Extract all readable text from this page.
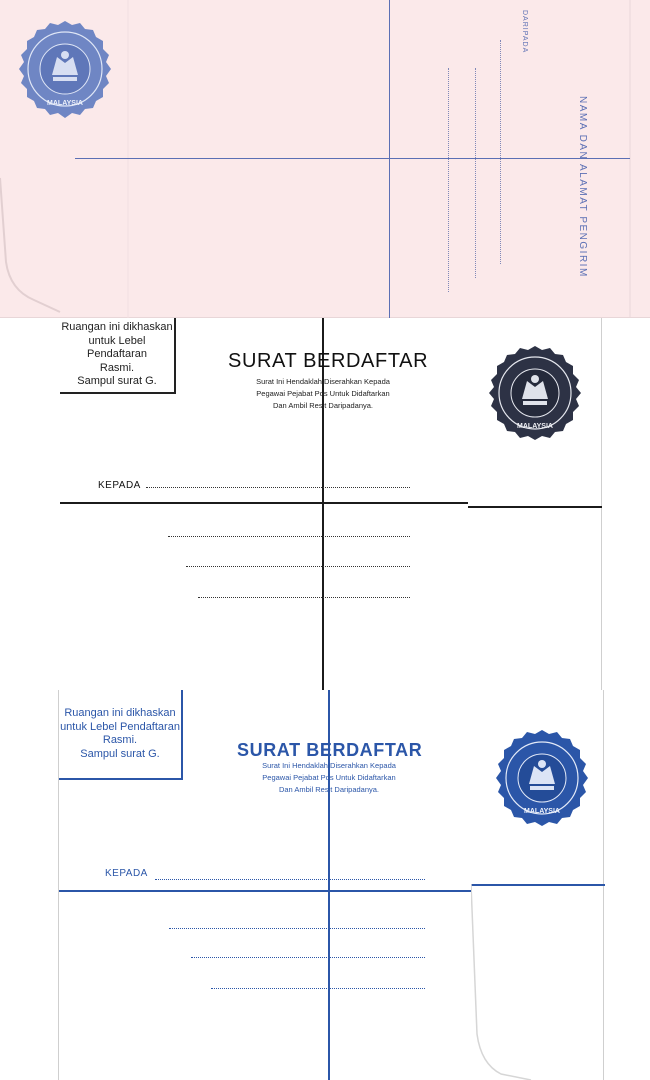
MALAYSIA
DARIPADA
NAMA DAN ALAMAT PENGIRIM
Ruangan ini dikhaskan
untuk Lebel Pendaftaran
Rasmi.
Sampul surat G.
SURAT BERDAFTAR
Surat Ini Hendaklah Diserahkan Kepada
Pegawai Pejabat Pos Untuk Didaftarkan
Dan Ambil Resit Daripadanya.
KEPADA
MALAYSIA
Ruangan ini dikhaskan
untuk Lebel Pendaftaran
Rasmi.
Sampul surat G.	SURAT BERDAFTAR
Surat Ini Hendaklah Diserahkan Kepada
Pegawai Pejabat Pos Untuk Didaftarkan
Dan Ambil Resit Daripadanya.
KEPADA
MALAYSIA
